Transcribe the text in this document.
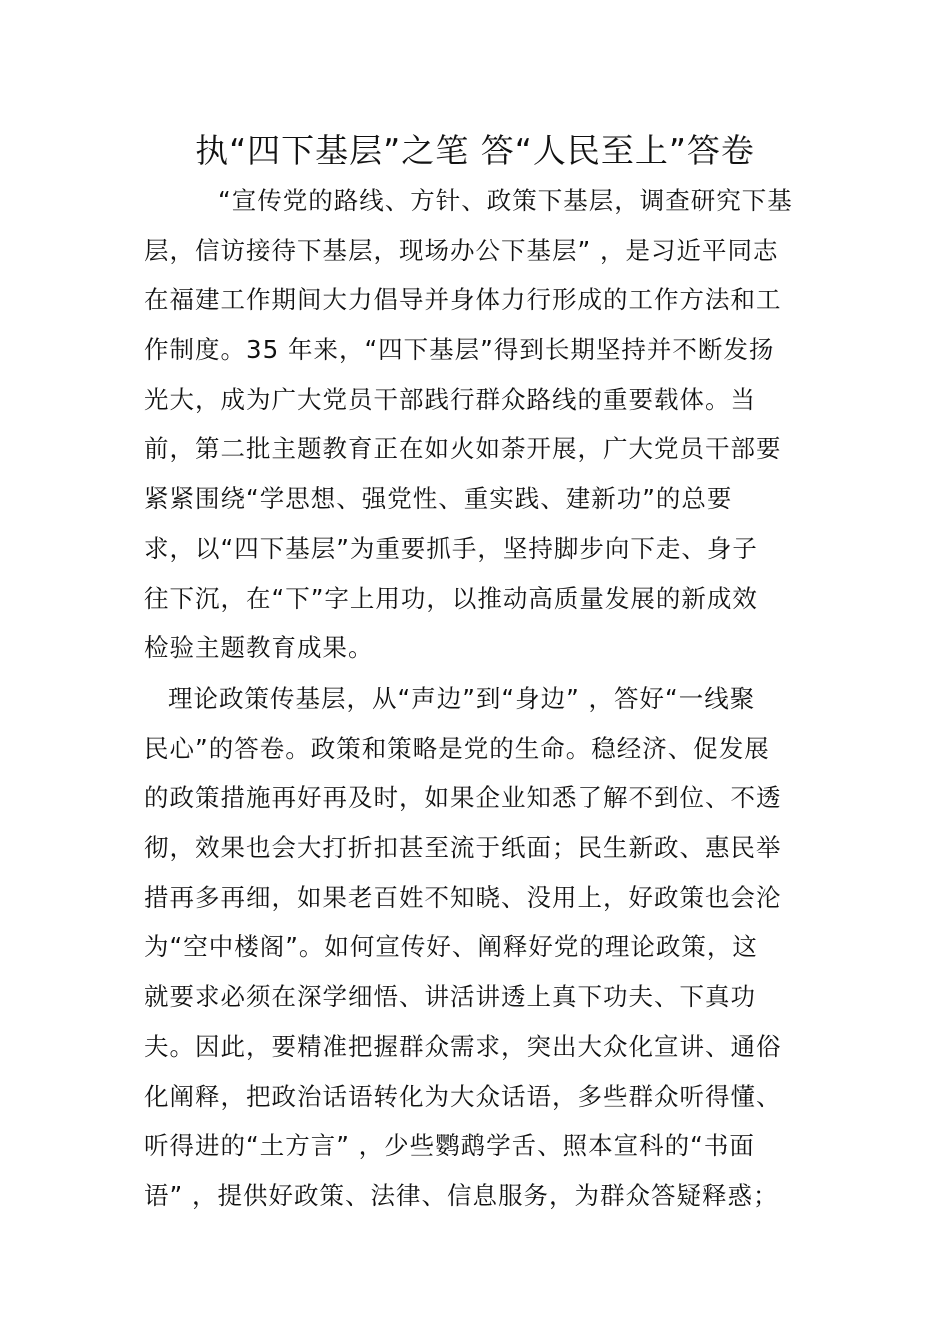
执“四下基层”之笔 答“人民至上”答卷
“宣传党的路线、方针、政策下基层，调查研究下基
层，信访接待下基层，现场办公下基层” ，是习近平同志
在福建工作期间大力倡导并身体力行形成的工作方法和工
作制度。35 年来，“四下基层”得到长期坚持并不断发扬
光大，成为广大党员干部践行群众路线的重要载体。当
前，第二批主题教育正在如火如荼开展，广大党员干部要
紧紧围绕“学思想、强党性、重实践、建新功”的总要
求，以“四下基层”为重要抓手，坚持脚步向下走、身子
往下沉，在“下”字上用功，以推动高质量发展的新成效
检验主题教育成果。
理论政策传基层，从“声边”到“身边” ，答好“一线聚
民心”的答卷。政策和策略是党的生命。稳经济、促发展
的政策措施再好再及时，如果企业知悉了解不到位、不透
彻，效果也会大打折扣甚至流于纸面；民生新政、惠民举
措再多再细，如果老百姓不知晓、没用上，好政策也会沦
为“空中楼阁”。如何宣传好、阐释好党的理论政策，这
就要求必须在深学细悟、讲活讲透上真下功夫、下真功
夫。因此，要精准把握群众需求，突出大众化宣讲、通俗
化阐释，把政治话语转化为大众话语，多些群众听得懂、
听得进的“土方言” ，少些鹦鹉学舌、照本宣科的“书面
语” ，提供好政策、法律、信息服务，为群众答疑释惑；
